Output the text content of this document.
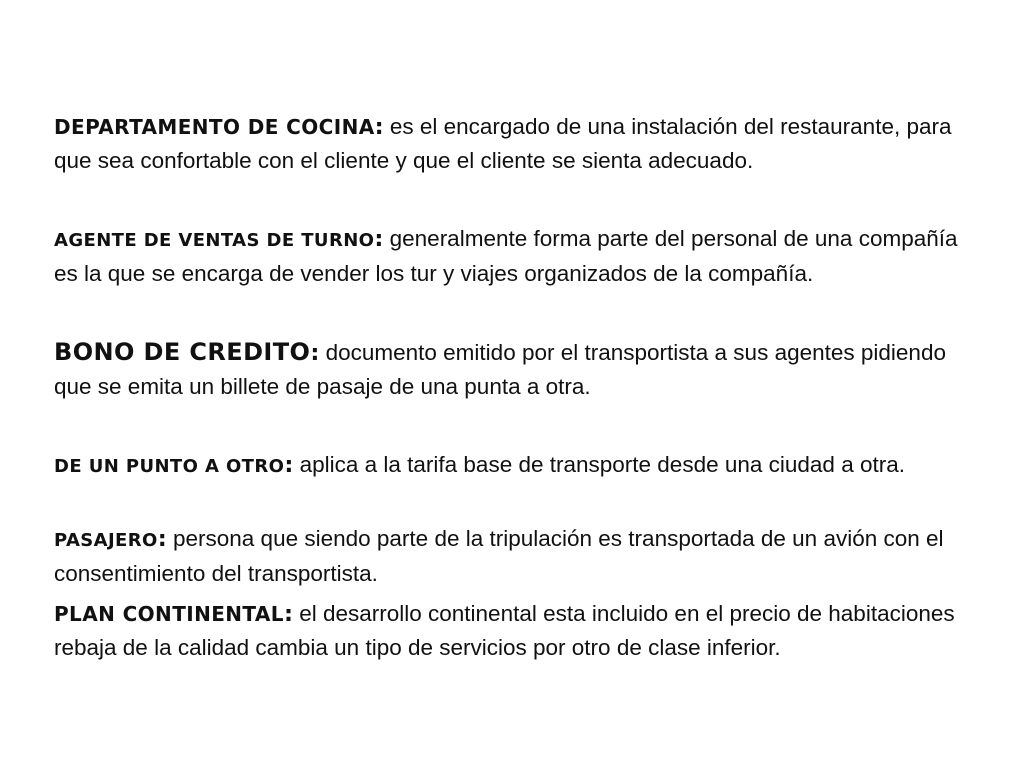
DEPARTAMENTO DE COCINA: es el encargado de una instalación del restaurante, para que sea confortable con el cliente y que el cliente se sienta adecuado.

AGENTE DE VENTAS DE TURNO: generalmente forma parte del personal de una compañía es la que se encarga de vender los tur y viajes organizados de la compañía.

BONO DE CREDITO: documento emitido por el transportista a sus agentes pidiendo que se emita un billete de pasaje de una punta a otra.

DE UN PUNTO A OTRO: aplica a la tarifa base de transporte desde una ciudad a otra.

PASAJERO: persona que siendo parte de la tripulación es transportada de un avión con el consentimiento del transportista.

PLAN CONTINENTAL: el desarrollo continental esta incluido en el precio de habitaciones rebaja de la calidad cambia un tipo de servicios por otro de clase inferior.
